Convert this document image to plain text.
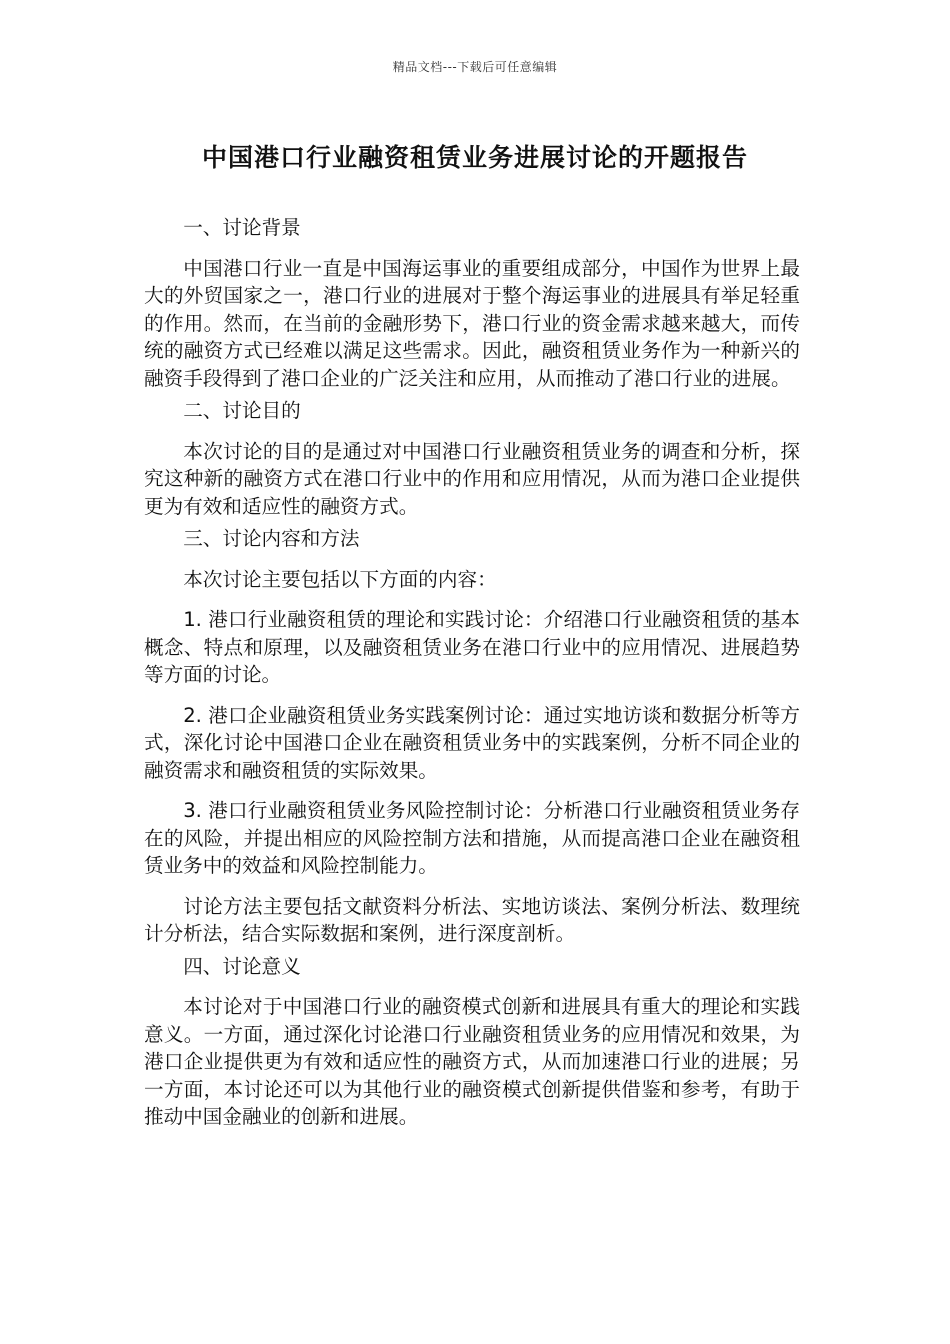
精品文档---下载后可任意编辑
中国港口行业融资租赁业务进展讨论的开题报告

一、讨论背景

中国港口行业一直是中国海运事业的重要组成部分，中国作为世界上最大的外贸国家之一，港口行业的进展对于整个海运事业的进展具有举足轻重的作用。然而，在当前的金融形势下，港口行业的资金需求越来越大，而传统的融资方式已经难以满足这些需求。因此，融资租赁业务作为一种新兴的融资手段得到了港口企业的广泛关注和应用，从而推动了港口行业的进展。

二、讨论目的

本次讨论的目的是通过对中国港口行业融资租赁业务的调查和分析，探究这种新的融资方式在港口行业中的作用和应用情况，从而为港口企业提供更为有效和适应性的融资方式。

三、讨论内容和方法

本次讨论主要包括以下方面的内容：

1. 港口行业融资租赁的理论和实践讨论：介绍港口行业融资租赁的基本概念、特点和原理，以及融资租赁业务在港口行业中的应用情况、进展趋势等方面的讨论。

2. 港口企业融资租赁业务实践案例讨论：通过实地访谈和数据分析等方式，深化讨论中国港口企业在融资租赁业务中的实践案例，分析不同企业的融资需求和融资租赁的实际效果。

3. 港口行业融资租赁业务风险控制讨论：分析港口行业融资租赁业务存在的风险，并提出相应的风险控制方法和措施，从而提高港口企业在融资租赁业务中的效益和风险控制能力。

讨论方法主要包括文献资料分析法、实地访谈法、案例分析法、数理统计分析法，结合实际数据和案例，进行深度剖析。

四、讨论意义

本讨论对于中国港口行业的融资模式创新和进展具有重大的理论和实践意义。一方面，通过深化讨论港口行业融资租赁业务的应用情况和效果，为港口企业提供更为有效和适应性的融资方式，从而加速港口行业的进展；另一方面，本讨论还可以为其他行业的融资模式创新提供借鉴和参考，有助于推动中国金融业的创新和进展。
